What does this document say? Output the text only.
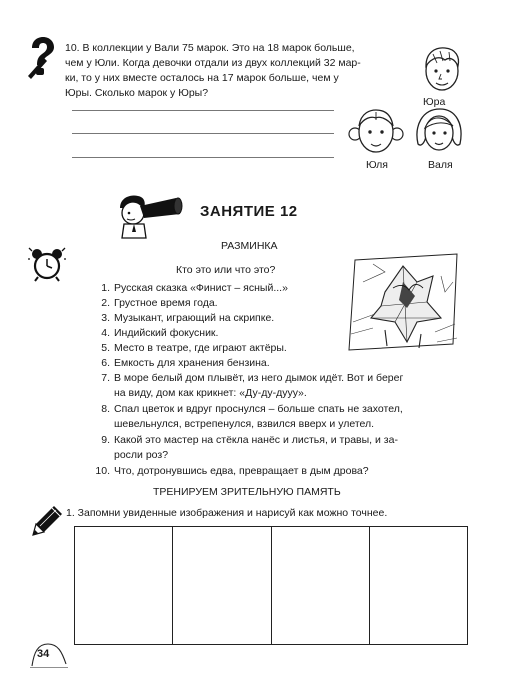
10. В коллекции у Вали 75 марок. Это на 18 марок больше,
чем у Юли. Когда девочки отдали из двух коллекций 32 мар-
ки, то у них вместе осталось на 17 марок больше, чем у
Юры. Сколько марок у Юры?
Юра
Юля	Валя
ЗАНЯТИЕ 12
РАЗМИНКА
Кто это или что это?
1. Русская сказка «Финист – ясный...»
2. Грустное время года.
3. Музыкант, играющий на скрипке.
4. Индийский фокусник.
5. Место в театре, где играют актёры.
6. Емкость для хранения бензина.
7. В море белый дом плывёт, из него дымок идёт. Вот и берег
на виду, дом как крикнет: «Ду-ду-дууу».
8. Спал цветок и вдруг проснулся – больше спать не захотел,
шевельнулся, встрепенулся, взвился вверх и улетел.
9. Какой это мастер на стёкла нанёс и листья, и травы, и за-
росли роз?
10. Что, дотронувшись едва, превращает в дым дрова?
ТРЕНИРУЕМ ЗРИТЕЛЬНУЮ ПАМЯТЬ
1. Запомни увиденные изображения и нарисуй как можно точнее.
34
